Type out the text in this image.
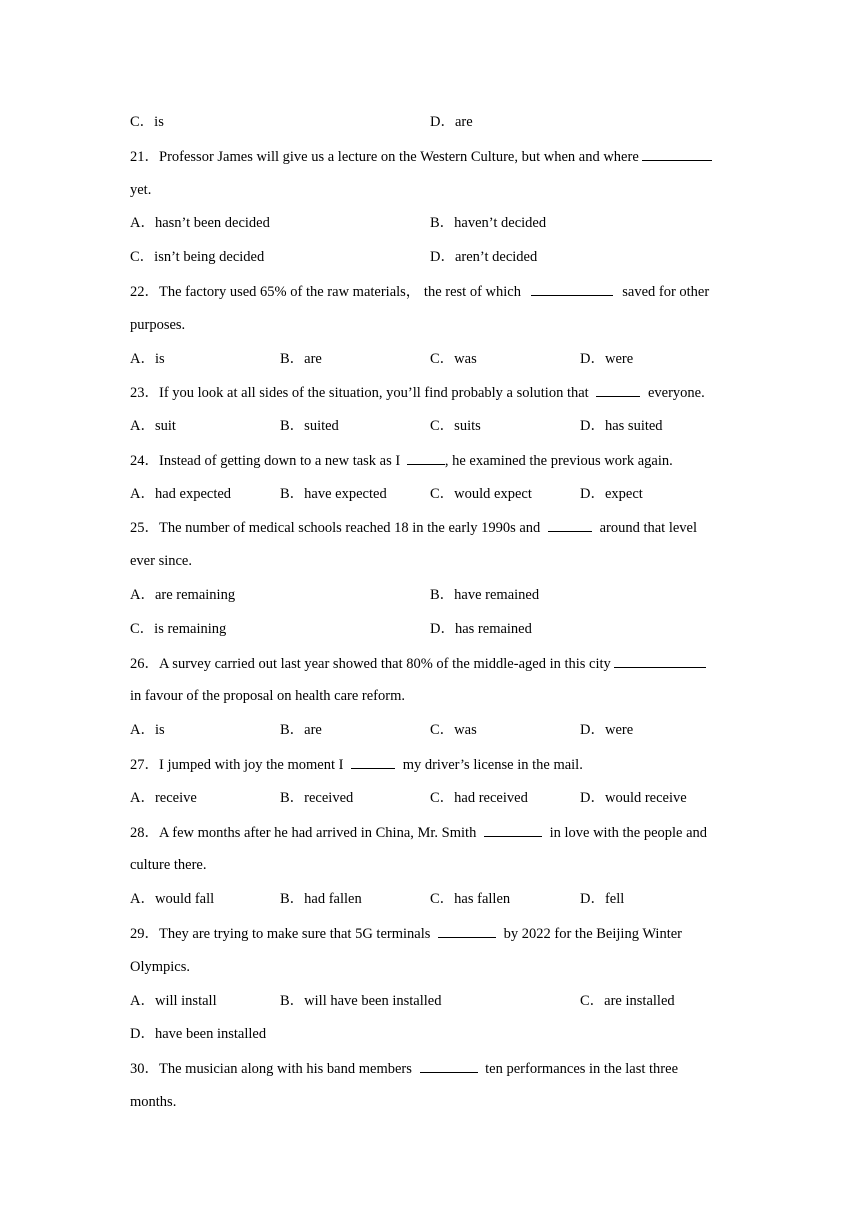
C．is	D．are
21．Professor James will give us a lecture on the Western Culture, but when and where
yet.
A．hasn’t been decided	B．haven’t decided
C．isn’t being decided	D．aren’t decided
22．The factory used 65% of the raw materials， the rest of which	saved for other
purposes.
A．is	B．are	C．was	D．were
23．If you look at all sides of the situation, you’ll find probably a solution that	everyone.
A．suit	B．suited	C．suits	D．has suited
24．Instead of getting down to a new task as I	, he examined the previous work again.
A．had expected	B．have expected	C．would expect	D．expect
25．The number of medical schools reached 18 in the early 1990s and	around that level
ever since.
A．are remaining	B．have remained
C．is remaining	D．has remained
26．A survey carried out last year showed that 80% of the middle-aged in this city
in favour of the proposal on health care reform.
A．is	B．are	C．was	D．were
27．I jumped with joy the moment I	my driver’s license in the mail.
A．receive	B．received	C．had received	D．would receive
28．A few months after he had arrived in China, Mr. Smith	in love with the people and
culture there.
A．would fall	B．had fallen	C．has fallen	D．fell
29．They are trying to make sure that 5G terminals	by 2022 for the Beijing Winter
Olympics.
A．will install	B．will have been installed	C．are installed
D．have been installed
30．The musician along with his band members	ten performances in the last three
months.
